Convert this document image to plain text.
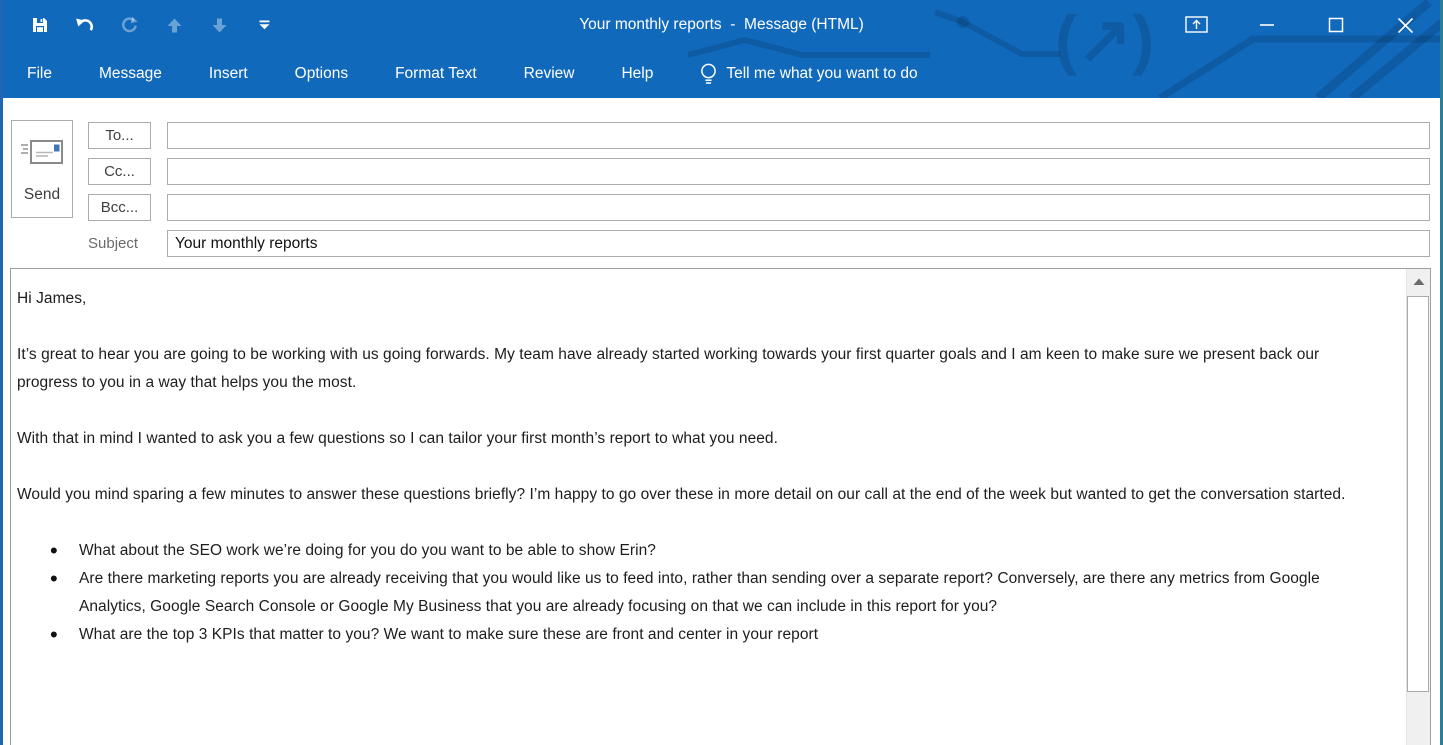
Your monthly reports  -  Message (HTML)
File	Message	Insert	Options	Format Text	Review	Help	Tell me what you want to do
Send
To...
Cc...
Bcc...
Subject
Your monthly reports

Hi James,

It’s great to hear you are going to be working with us going forwards. My team have already started working towards your first quarter goals and I am keen to make sure we present back our progress to you in a way that helps you the most.

With that in mind I wanted to ask you a few questions so I can tailor your first month’s report to what you need.

Would you mind sparing a few minutes to answer these questions briefly? I’m happy to go over these in more detail on our call at the end of the week but wanted to get the conversation started.

• What about the SEO work we’re doing for you do you want to be able to show Erin?
• Are there marketing reports you are already receiving that you would like us to feed into, rather than sending over a separate report? Conversely, are there any metrics from Google Analytics, Google Search Console or Google My Business that you are already focusing on that we can include in this report for you?
• What are the top 3 KPIs that matter to you? We want to make sure these are front and center in your report
